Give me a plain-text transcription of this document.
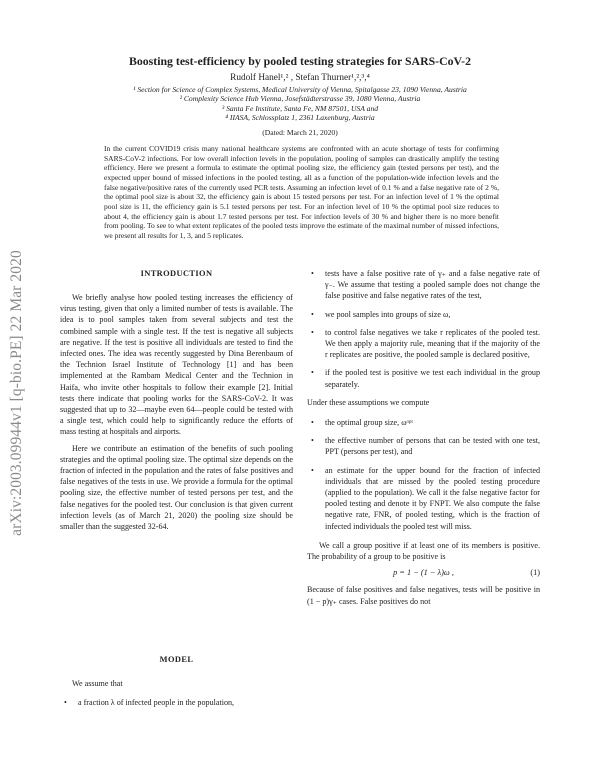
arXiv:2003.09944v1 [q-bio.PE] 22 Mar 2020
Boosting test-efficiency by pooled testing strategies for SARS-CoV-2
Rudolf Hanel¹,² , Stefan Thurner¹,²,³,⁴
¹ Section for Science of Complex Systems, Medical University of Vienna, Spitalgasse 23, 1090 Vienna, Austria
² Complexity Science Hub Vienna, Josefstädterstrasse 39, 1080 Vienna, Austria
³ Santa Fe Institute, Santa Fe, NM 87501, USA and
⁴ IIASA, Schlossplatz 1, 2361 Laxenburg, Austria
(Dated: March 21, 2020)
In the current COVID19 crisis many national healthcare systems are confronted with an acute shortage of tests for confirming SARS-CoV-2 infections. For low overall infection levels in the population, pooling of samples can drastically amplify the testing efficiency. Here we present a formula to estimate the optimal pooling size, the efficiency gain (tested persons per test), and the expected upper bound of missed infections in the pooled testing, all as a function of the population-wide infection levels and the false negative/positive rates of the currently used PCR tests. Assuming an infection level of 0.1 % and a false negative rate of 2 %, the optimal pool size is about 32, the efficiency gain is about 15 tested persons per test. For an infection level of 1 % the optimal pool size is 11, the efficiency gain is 5.1 tested persons per test. For an infection level of 10 % the optimal pool size reduces to about 4, the efficiency gain is about 1.7 tested persons per test. For infection levels of 30 % and higher there is no more benefit from pooling. To see to what extent replicates of the pooled tests improve the estimate of the maximal number of missed infections, we present all results for 1, 3, and 5 replicates.
INTRODUCTION

We briefly analyse how pooled testing increases the efficiency of virus testing, given that only a limited number of tests is available. The idea is to pool samples taken from several subjects and test the combined sample with a single test. If the test is negative all subjects are negative. If the test is positive all individuals are tested to find the infected ones. The idea was recently suggested by Dina Berenbaum of the Technion Israel Institute of Technology [1] and has been implemented at the Rambam Medical Center and the Technion in Haifa, who invite other hospitals to follow their example [2]. Initial tests there indicate that pooling works for the SARS-CoV-2. It was suggested that up to 32—maybe even 64—people could be tested with a single test, which could help to significantly reduce the efforts of mass testing at hospitals and airports.

Here we contribute an estimation of the benefits of such pooling strategies and the optimal pooling size. The optimal size depends on the fraction of infected in the population and the rates of false positives and false negatives of the tests in use. We provide a formula for the optimal pooling size, the effective number of tested persons per test, and the false negatives for the pooled test. Our conclusion is that given current infection levels (as of March 21, 2020) the pooling size should be smaller than the suggested 32-64.

MODEL

We assume that

• a fraction λ of infected people in the population,
• tests have a false positive rate of γ₊ and a false negative rate of γ₋. We assume that testing a pooled sample does not change the false positive and false negative rates of the test,
• we pool samples into groups of size ω,
• to control false negatives we take r replicates of the pooled test. We then apply a majority rule, meaning that if the majority of the r replicates are positive, the pooled sample is declared positive,
• if the pooled test is positive we test each individual in the group separately.

Under these assumptions we compute

• the optimal group size, ωᵒᵖᵗ
• the effective number of persons that can be tested with one test, PPT (persons per test), and
• an estimate for the upper bound for the fraction of infected individuals that are missed by the pooled testing procedure (applied to the population). We call it the false negative factor for pooled testing and denote it by FNPT. We also compute the false negative rate, FNR, of pooled testing, which is the fraction of infected individuals the pooled test will miss.

We call a group positive if at least one of its members is positive. The probability of a group to be positive is

p = 1 − (1 − λ)ω ,	(1)

Because of false positives and false negatives, tests will be positive in (1 − p)γ₊ cases. False positives do not
